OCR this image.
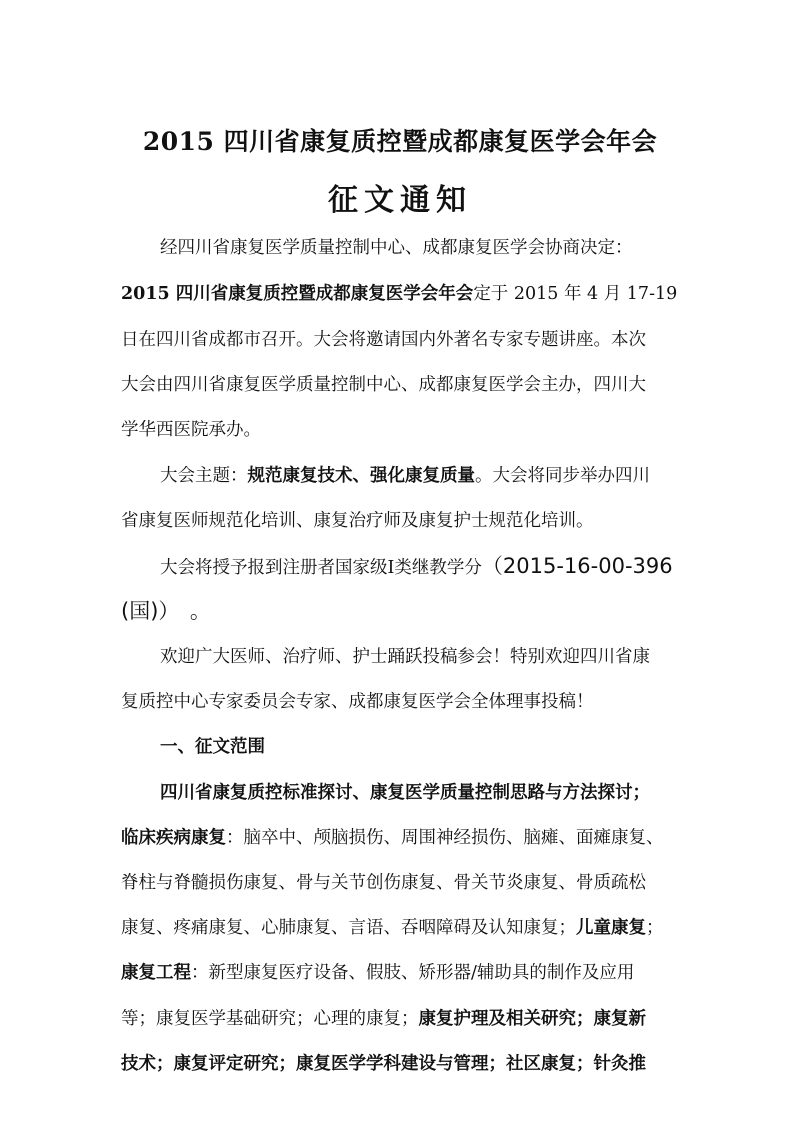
2015 四川省康复质控暨成都康复医学会年会
征文通知
经四川省康复医学质量控制中心、成都康复医学会协商决定：
2015 四川省康复质控暨成都康复医学会年会定于 2015 年 4 月 17-19
日在四川省成都市召开。大会将邀请国内外著名专家专题讲座。本次
大会由四川省康复医学质量控制中心、成都康复医学会主办，四川大
学华西医院承办。
大会主题：规范康复技术、强化康复质量。大会将同步举办四川
省康复医师规范化培训、康复治疗师及康复护士规范化培训。
大会将授予报到注册者国家级Ⅰ类继教学分（2015-16-00-396
(国)）　。
欢迎广大医师、治疗师、护士踊跃投稿参会！特别欢迎四川省康
复质控中心专家委员会专家、成都康复医学会全体理事投稿！
一、征文范围
四川省康复质控标准探讨、康复医学质量控制思路与方法探讨；
临床疾病康复：脑卒中、颅脑损伤、周围神经损伤、脑瘫、面瘫康复、
脊柱与脊髓损伤康复、骨与关节创伤康复、骨关节炎康复、骨质疏松
康复、疼痛康复、心肺康复、言语、吞咽障碍及认知康复；儿童康复；
康复工程：新型康复医疗设备、假肢、矫形器/辅助具的制作及应用
等；康复医学基础研究；心理的康复；康复护理及相关研究；康复新
技术；康复评定研究；康复医学学科建设与管理；社区康复；针灸推
